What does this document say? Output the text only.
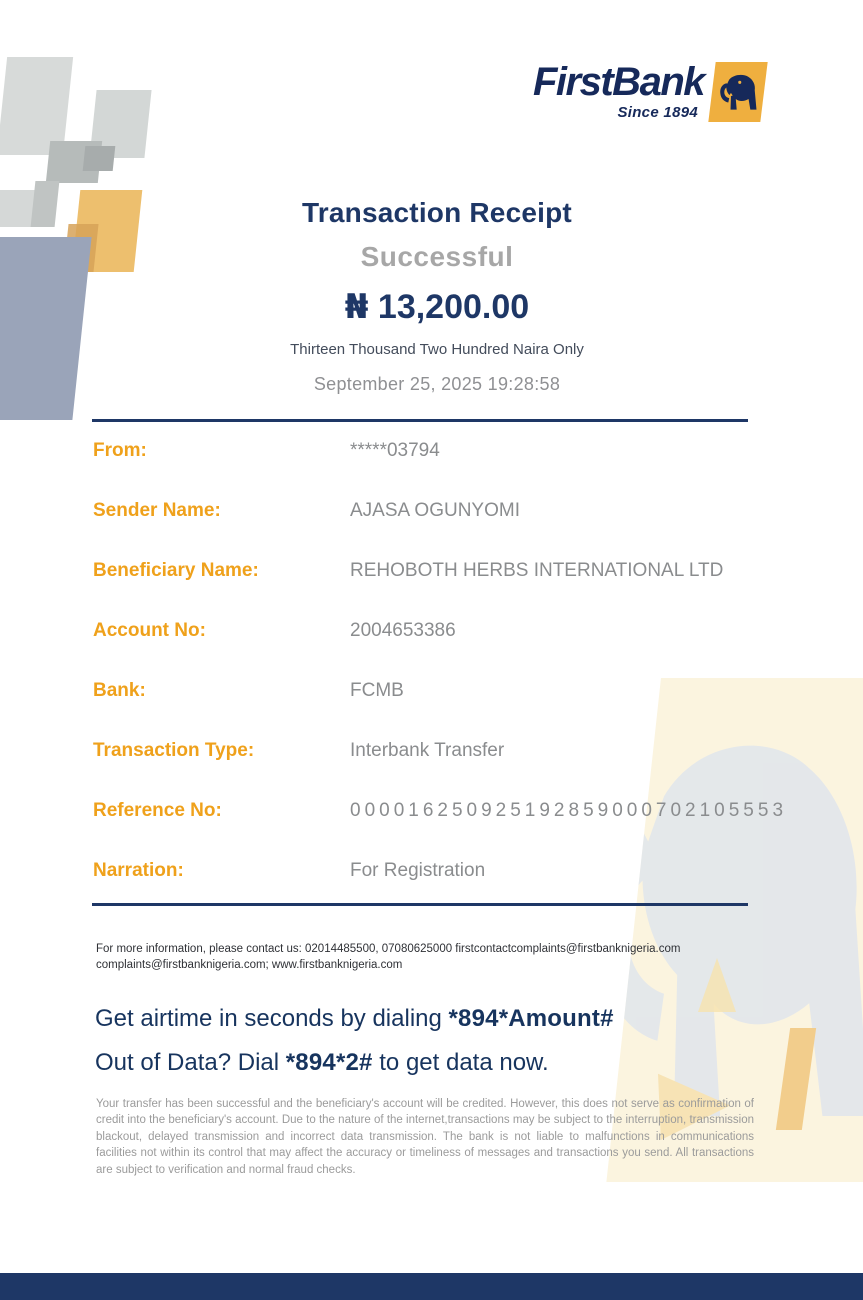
FirstBank
Since 1894
Transaction Receipt
Successful
₦ 13,200.00
Thirteen Thousand Two Hundred Naira Only
September 25, 2025 19:28:58
From:	*****03794
Sender Name:	AJASA OGUNYOMI
Beneficiary Name:	REHOBOTH HERBS INTERNATIONAL LTD
Account No:	2004653386
Bank:	FCMB
Transaction Type:	Interbank Transfer
Reference No:	000016250925192859000702105553
Narration:	For Registration
For more information, please contact us: 02014485500, 07080625000 firstcontactcomplaints@firstbanknigeria.com complaints@firstbanknigeria.com; www.firstbanknigeria.com
Get airtime in seconds by dialing *894*Amount#
Out of Data? Dial *894*2# to get data now.
Your transfer has been successful and the beneficiary's account will be credited. However, this does not serve as confirmation of credit into the beneficiary's account. Due to the nature of the internet,transactions may be subject to the interruption, transmission blackout, delayed transmission and incorrect data transmission. The bank is not liable to malfunctions in communications facilities not within its control that may affect the accuracy or timeliness of messages and transactions you send. All transactions are subject to verification and normal fraud checks.
